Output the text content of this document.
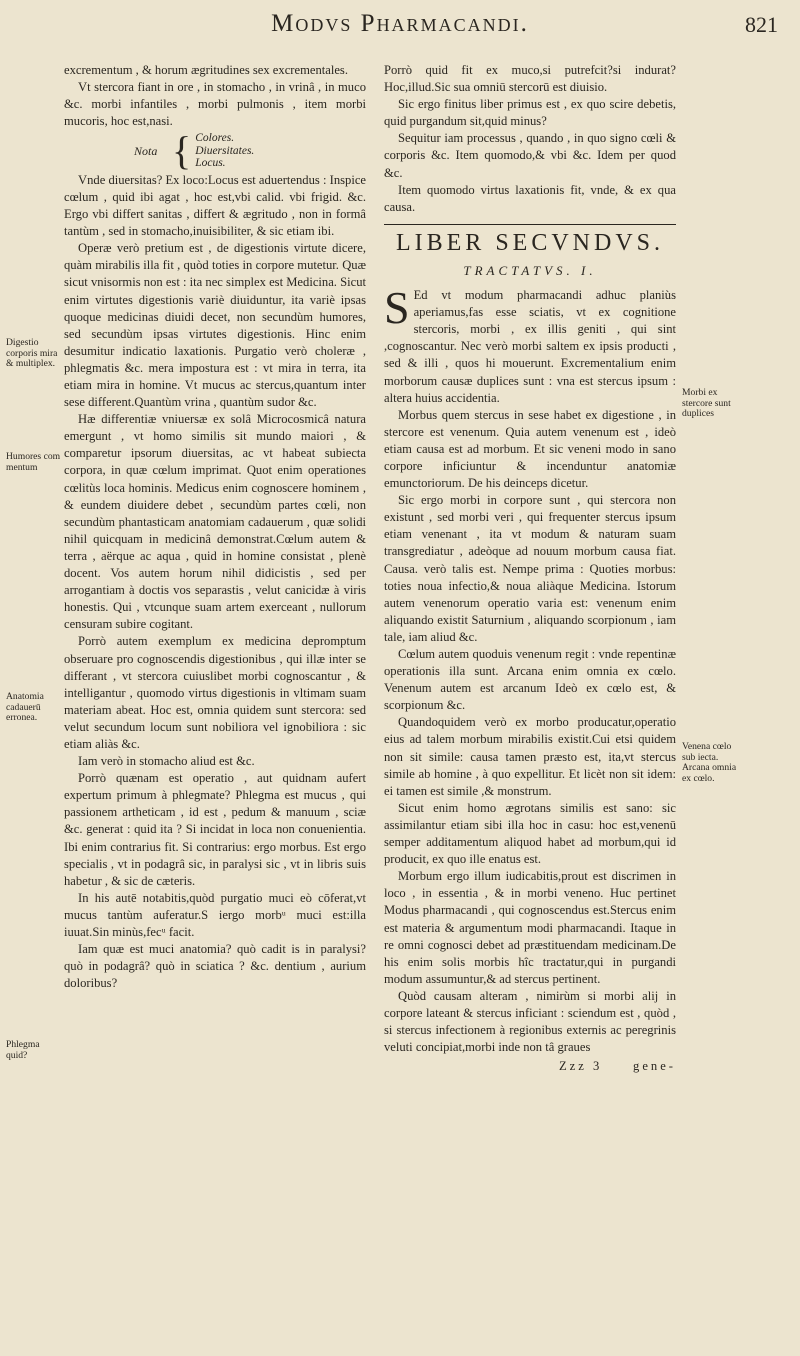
Modvs Pharmacandi.	821
Digestio corporis mira & multiplex.
Humores com mentum
Anatomia cadauerū erronea.
Phlegma quid?

excrementum , & horum ægritudines sex excrementales.

Vt stercora fiant in ore , in stomacho , in vrinâ , in muco &c. morbi infantiles , morbi pulmonis , item morbi mucoris, hoc est,nasi.

Nota { Colores.
Diuersitates.
Locus.

Vnde diuersitas? Ex loco:Locus est aduertendus : Inspice cœlum , quid ibi agat , hoc est,vbi calid. vbi frigid. &c. Ergo vbi differt sanitas , differt & ægritudo , non in formâ tantùm , sed in stomacho,inuisibiliter, & sic etiam ibi.

Operæ verò pretium est , de digestionis virtute dicere, quàm mirabilis illa fit , quòd toties in corpore mutetur. Quæ sicut vnisormis non est : ita nec simplex est Medicina. Sicut enim virtutes digestionis variè diuiduntur, ita variè ipsas quoque medicinas diuidi decet, non secundùm humores, sed secundùm ipsas virtutes digestionis. Hinc enim desumitur indicatio laxationis. Purgatio verò choleræ , phlegmatis &c. mera impostura est : vt mira in terra, ita etiam mira in homine. Vt mucus ac stercus,quantum inter sese different.Quantùm vrina , quantùm sudor &c.

Hæ differentiæ vniuersæ ex solâ Microcosmicâ natura emergunt , vt homo similis sit mundo maiori , & comparetur ipsorum diuersitas, ac vt habeat subiecta corpora, in quæ cœlum imprimat. Quot enim operationes cœlitùs loca hominis. Medicus enim cognoscere hominem , & eundem diuidere debet , secundùm partes cœli, non secundùm phantasticam anatomiam cadauerum , quæ solidi nihil quicquam in medicinâ demonstrat.Cœlum autem & terra , aërque ac aqua , quid in homine consistat , plenè docent. Vos autem horum nihil didicistis , sed per arrogantiam à doctis vos separastis , velut canicidæ à viris honestis. Qui , vtcunque suam artem exerceant , nullorum censuram subire cogitant.

Porrò autem exemplum ex medicina depromptum obseruare pro cognoscendis digestionibus , qui illæ inter se differant , vt stercora cuiuslibet morbi cognoscantur , & intelligantur , quomodo virtus digestionis in vltimam suam materiam abeat. Hoc est, omnia quidem sunt stercora: sed velut secundum locum sunt nobiliora vel ignobiliora : sic etiam aliàs &c.

Iam verò in stomacho aliud est &c.

Porrò quænam est operatio , aut quidnam aufert expertum primum à phlegmate? Phlegma est mucus , qui passionem artheticam , id est , pedum & manuum , sciæ &c. generat : quid ita ? Si incidat in loca non conuenientia. Ibi enim contrarius fit. Si contrarius: ergo morbus. Est ergo specialis , vt in podagrâ sic, in paralysi sic , vt in libris suis habetur , & sic de cæteris.

In his autē notabitis,quòd purgatio muci eò cōferat,vt mucus tantùm auferatur.S iergo morbᵘ muci est:illa iuuat.Sin minùs,fecᵘ facit.

Iam quæ est muci anatomia? quò cadit is in paralysi? quò in podagrâ? quò in sciatica ? &c. dentium , aurium doloribus?

Porrò quid fit ex muco,si putrefcit?si indurat? Hoc,illud.Sic sua omniū stercorū est diuisio.

Sic ergo finitus liber primus est , ex quo scire debetis, quid purgandum sit,quid minus?

Sequitur iam processus , quando , in quo signo cœli & corporis &c. Item quomodo,& vbi &c. Idem per quod &c.

Item quomodo virtus laxationis fit, vnde, & ex qua causa.

LIBER SECVNDVS.
TRACTATVS. I.

S Ed vt modum pharmacandi adhuc planiùs aperiamus,fas esse sciatis, vt ex cognitione stercoris, morbi , ex illis geniti , qui sint ,cognoscantur. Nec verò morbi saltem ex ipsis producti , sed & illi , quos hi mouerunt. Excrementalium enim morborum causæ duplices sunt : vna est stercus ipsum : altera huius accidentia.

Morbus quem stercus in sese habet ex digestione , in stercore est venenum. Quia autem venenum est , ideò etiam causa est ad morbum. Et sic veneni modo in sano corpore inficiuntur & incenduntur anatomiæ emunctoriorum. De his deinceps dicetur.

Sic ergo morbi in corpore sunt , qui stercora non existunt , sed morbi veri , qui frequenter stercus ipsum etiam venenant , ita vt modum & naturam suam transgrediatur , adeòque ad nouum morbum causa fiat. Causa. verò talis est. Nempe prima : Quoties morbus: toties noua infectio,& noua aliàque Medicina. Istorum autem venenorum operatio varia est: venenum enim aliquando existit Saturnium , aliquando scorpionum , iam tale, iam aliud &c.

Cœlum autem quoduis venenum regit : vnde repentinæ operationis illa sunt. Arcana enim omnia ex cœlo. Venenum autem est arcanum Ideò ex cœlo est, & scorpionum &c.

Quandoquidem verò ex morbo producatur,operatio eius ad talem morbum mirabilis existit.Cui etsi quidem non sit simile: causa tamen præsto est, ita,vt stercus simile ab homine , à quo expellitur. Et licèt non sit idem: ei tamen est simile ,& monstrum.

Sicut enim homo ægrotans similis est sano: sic assimilantur etiam sibi illa hoc in casu: hoc est,venenū semper additamentum aliquod habet ad morbum,qui id producit, ex quo ille enatus est.

Morbum ergo illum iudicabitis,prout est discrimen in loco , in essentia , & in morbi veneno. Huc pertinet Modus pharmacandi , qui cognoscendus est.Stercus enim est materia & argumentum modi pharmacandi. Itaque in re omni cognosci debet ad præstituendam medicinam.De his enim solis morbis hîc tractatur,qui in purgandi modum assumuntur,& ad stercus pertinent.

Quòd causam alteram , nimirùm si morbi alij in corpore lateant & stercus inficiant : sciendum est , quòd , si stercus infectionem à regionibus externis ac peregrinis veluti concipiat,morbi inde non tâ graues

Zzz 3 gene-
Morbi ex stercore sunt duplices
Venena cœlo sub iecta. Arcana omnia ex cœlo.
